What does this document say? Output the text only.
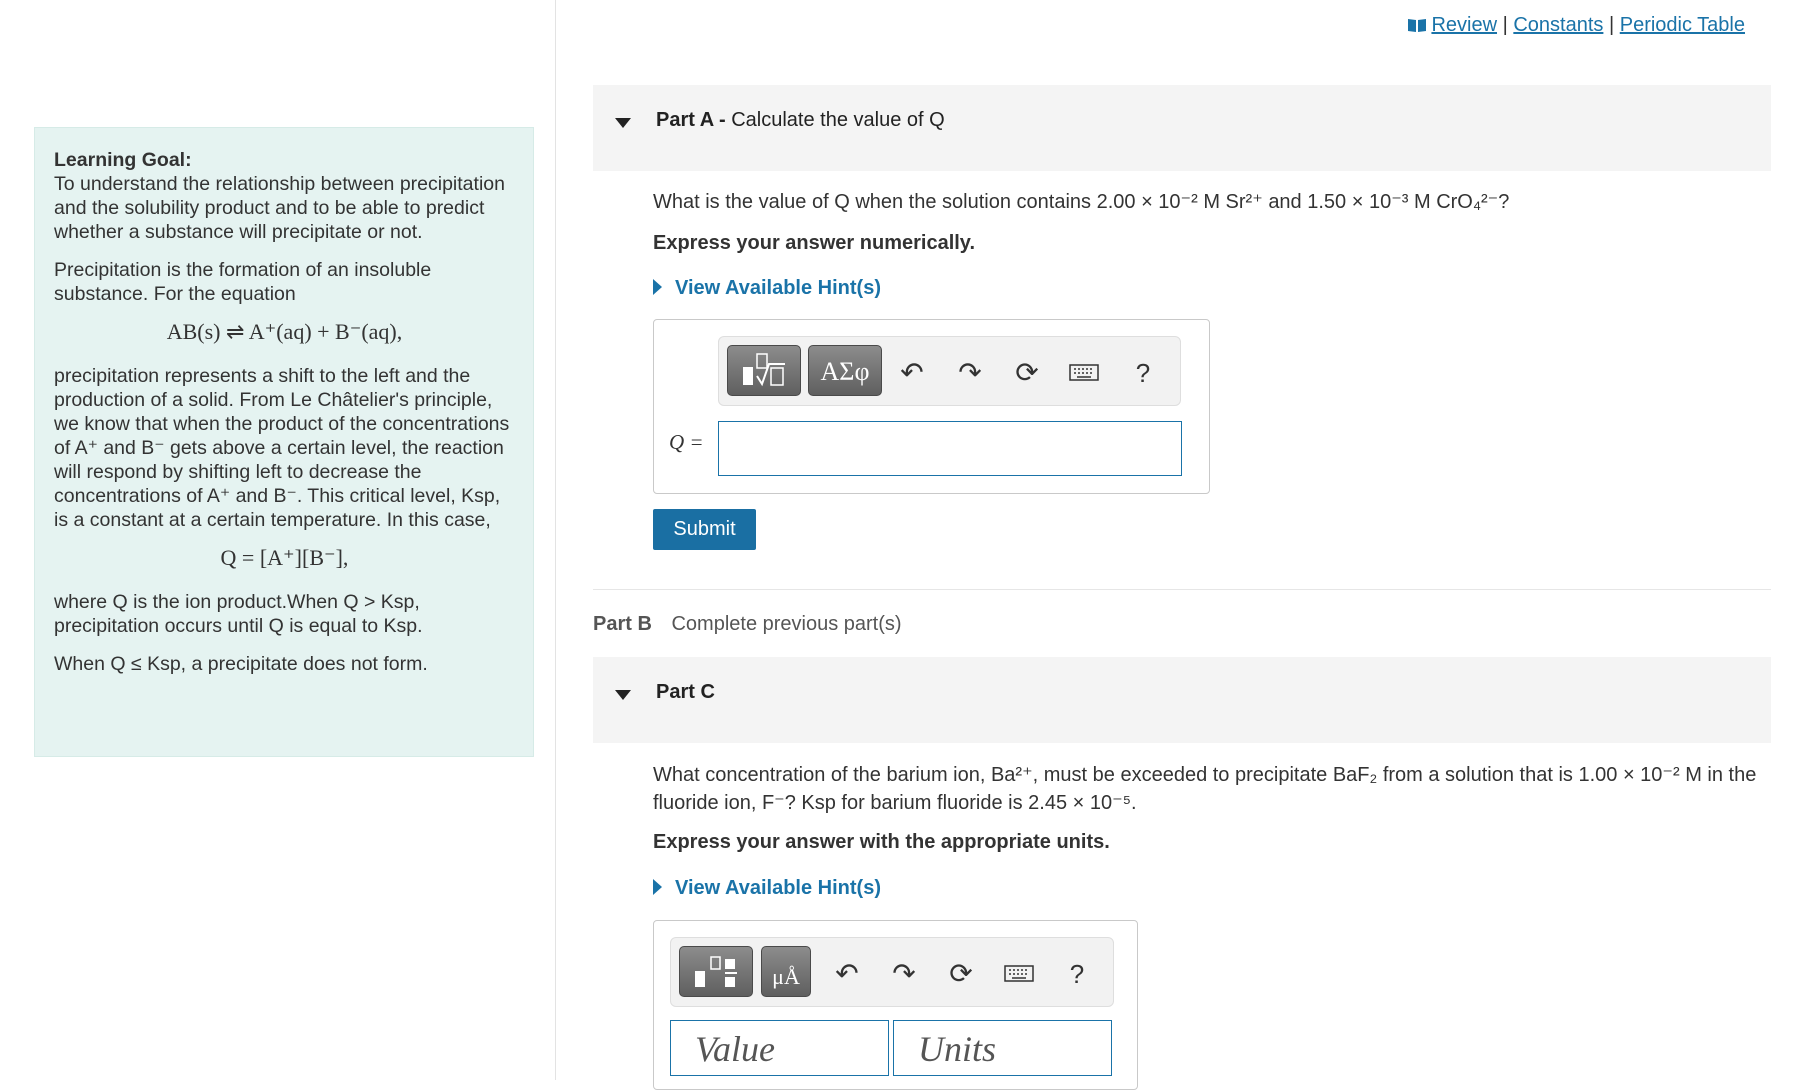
Learning Goal:
To understand the relationship between precipitation and the solubility product and to be able to predict whether a substance will precipitate or not.

Precipitation is the formation of an insoluble substance. For the equation

AB(s) ⇌ A⁺(aq) + B⁻(aq),

precipitation represents a shift to the left and the production of a solid. From Le Châtelier's principle, we know that when the product of the concentrations of A⁺ and B⁻ gets above a certain level, the reaction will respond by shifting left to decrease the concentrations of A⁺ and B⁻. This critical level, Ksp, is a constant at a certain temperature. In this case,

Q = [A⁺][B⁻],

where Q is the ion product.When Q > Ksp, precipitation occurs until Q is equal to Ksp.

When Q ≤ Ksp, a precipitate does not form.

Review | Constants | Periodic Table
Part A - Calculate the value of Q
What is the value of Q when the solution contains 2.00 × 10⁻² M Sr²⁺ and 1.50 × 10⁻³ M CrO₄²⁻?
Express your answer numerically.
View Available Hint(s)
ΑΣφ	↶ ↷ ⟳	?
Q =
Submit
Part B Complete previous part(s)
Part C
What concentration of the barium ion, Ba²⁺, must be exceeded to precipitate BaF₂ from a solution that is 1.00 × 10⁻² M in the fluoride ion, F⁻? Ksp for barium fluoride is 2.45 × 10⁻⁵.
Express your answer with the appropriate units.
View Available Hint(s)
μÅ	↶ ↷ ⟳	?
Value	Units
